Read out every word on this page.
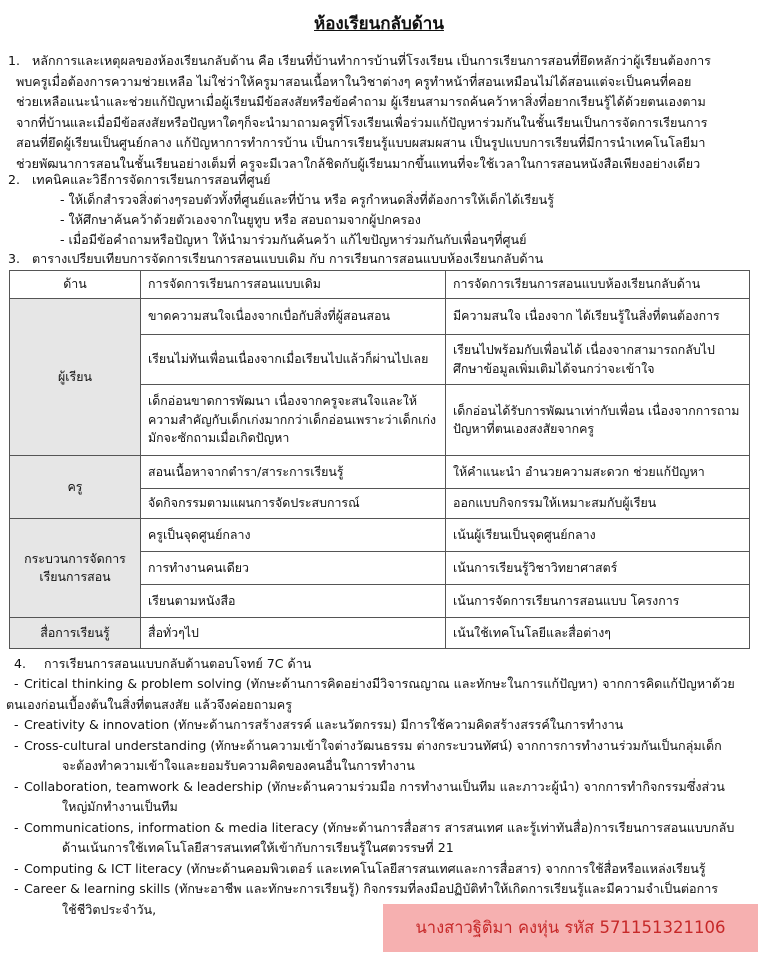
ห้องเรียนกลับด้าน
1. หลักการและเหตุผลของห้องเรียนกลับด้าน คือ เรียนที่บ้านทำการบ้านที่โรงเรียน เป็นการเรียนการสอนที่ยึดหลักว่าผู้เรียนต้องการ
พบครูเมื่อต้องการความช่วยเหลือ ไม่ใช่ว่าให้ครูมาสอนเนื้อหาในวิชาต่างๆ ครูทำหน้าที่สอนเหมือนไม่ได้สอนแต่จะเป็นคนที่คอย
ช่วยเหลือแนะนำและช่วยแก้ปัญหาเมื่อผู้เรียนมีข้อสงสัยหรือข้อคำถาม ผู้เรียนสามารถค้นคว้าหาสิ่งที่อยากเรียนรู้ได้ด้วยตนเองตาม
จากที่บ้านและเมื่อมีข้อสงสัยหรือปัญหาใดๆก็จะนำมาถามครูที่โรงเรียนเพื่อร่วมแก้ปัญหาร่วมกันในชั้นเรียนเป็นการจัดการเรียนการ
สอนที่ยึดผู้เรียนเป็นศูนย์กลาง แก้ปัญหาการทำการบ้าน เป็นการเรียนรู้แบบผสมผสาน เป็นรูปแบบการเรียนที่มีการนำเทคโนโลยีมา
ช่วยพัฒนาการสอนในชั้นเรียนอย่างเต็มที่ ครูจะมีเวลาใกล้ชิดกับผู้เรียนมากขึ้นแทนที่จะใช้เวลาในการสอนหนังสือเพียงอย่างเดียว
2. เทคนิคและวิธีการจัดการเรียนการสอนที่ศูนย์
- ให้เด็กสำรวจสิ่งต่างๆรอบตัวทั้งที่ศูนย์และที่บ้าน หรือ ครูกำหนดสิ่งที่ต้องการให้เด็กได้เรียนรู้
- ให้ศึกษาค้นคว้าด้วยตัวเองจากในยูทูบ หรือ สอบถามจากผู้ปกครอง
- เมื่อมีข้อคำถามหรือปัญหา ให้นำมาร่วมกันค้นคว้า แก้ไขปัญหาร่วมกันกับเพื่อนๆที่ศูนย์
3. ตารางเปรียบเทียบการจัดการเรียนการสอนแบบเดิม กับ การเรียนการสอนแบบห้องเรียนกลับด้าน
ด้าน	การจัดการเรียนการสอนแบบเดิม	การจัดการเรียนการสอนแบบห้องเรียนกลับด้าน
ผู้เรียน	ขาดความสนใจเนื่องจากเบื่อกับสิ่งที่ผู้สอนสอน	มีความสนใจ เนื่องจาก ได้เรียนรู้ในสิ่งที่ตนต้องการ
	เรียนไม่ทันเพื่อนเนื่องจากเมื่อเรียนไปแล้วก็ผ่านไปเลย	เรียนไปพร้อมกับเพื่อนได้ เนื่องจากสามารถกลับไปศึกษาข้อมูลเพิ่มเติมได้จนกว่าจะเข้าใจ
	เด็กอ่อนขาดการพัฒนา เนื่องจากครูจะสนใจและให้ความสำคัญกับเด็กเก่งมากกว่าเด็กอ่อนเพราะว่าเด็กเก่งมักจะซักถามเมื่อเกิดปัญหา	เด็กอ่อนได้รับการพัฒนาเท่ากับเพื่อน เนื่องจากการถามปัญหาที่ตนเองสงสัยจากครู
ครู	สอนเนื้อหาจากตำรา/สาระการเรียนรู้	ให้คำแนะนำ อำนวยความสะดวก ช่วยแก้ปัญหา
	จัดกิจกรรมตามแผนการจัดประสบการณ์	ออกแบบกิจกรรมให้เหมาะสมกับผู้เรียน
กระบวนการจัดการเรียนการสอน	ครูเป็นจุดศูนย์กลาง	เน้นผู้เรียนเป็นจุดศูนย์กลาง
	การทำงานคนเดียว	เน้นการเรียนรู้วิชาวิทยาศาสตร์
	เรียนตามหนังสือ	เน้นการจัดการเรียนการสอนแบบ โครงการ
สื่อการเรียนรู้	สื่อทั่วๆไป	เน้นใช้เทคโนโลยีและสื่อต่างๆ
4. การเรียนการสอนแบบกลับด้านตอบโจทย์ 7C ด้าน
- Critical thinking & problem solving (ทักษะด้านการคิดอย่างมีวิจารณญาณ และทักษะในการแก้ปัญหา) จากการคิดแก้ปัญหาด้วย
ตนเองก่อนเบื้องต้นในสิ่งที่ตนสงสัย แล้วจึงค่อยถามครู
- Creativity & innovation (ทักษะด้านการสร้างสรรค์ และนวัตกรรม) มีการใช้ความคิดสร้างสรรค์ในการทำงาน
- Cross-cultural understanding (ทักษะด้านความเข้าใจต่างวัฒนธรรม ต่างกระบวนทัศน์) จากการการทำงานร่วมกันเป็นกลุ่มเด็ก
จะต้องทำความเข้าใจและยอมรับความคิดของคนอื่นในการทำงาน
- Collaboration, teamwork & leadership (ทักษะด้านความร่วมมือ การทำงานเป็นทีม และภาวะผู้นำ) จากการทำกิจกรรมซึ่งส่วน
ใหญ่มักทำงานเป็นทีม
- Communications, information & media literacy (ทักษะด้านการสื่อสาร สารสนเทศ และรู้เท่าทันสื่อ)การเรียนการสอนแบบกลับ
ด้านเน้นการใช้เทคโนโลยีสารสนเทศให้เข้ากับการเรียนรู้ในศตวรรษที่ 21
- Computing & ICT literacy (ทักษะด้านคอมพิวเตอร์ และเทคโนโลยีสารสนเทศและการสื่อสาร) จากการใช้สื่อหรือแหล่งเรียนรู้
- Career & learning skills (ทักษะอาชีพ และทักษะการเรียนรู้) กิจกรรมที่ลงมือปฏิบัติทำให้เกิดการเรียนรู้และมีความจำเป็นต่อการ
ใช้ชีวิตประจำวัน,
นางสาวฐิติมา คงหุ่น รหัส 571151321106
